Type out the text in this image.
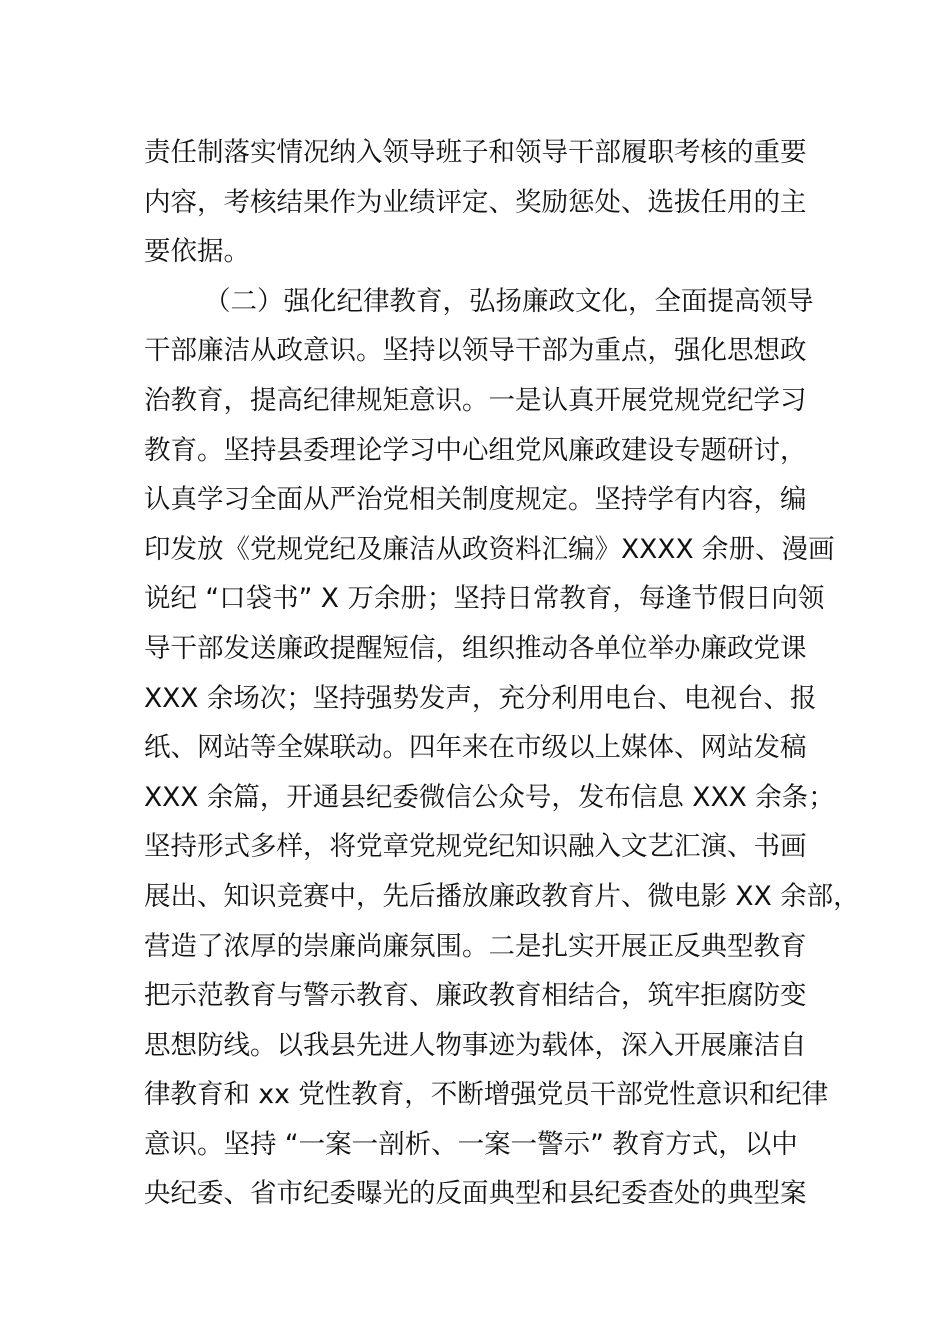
责任制落实情况纳入领导班子和领导干部履职考核的重要
内容，考核结果作为业绩评定、奖励惩处、选拔任用的主
要依据。
（二）强化纪律教育，弘扬廉政文化，全面提高领导
干部廉洁从政意识。坚持以领导干部为重点，强化思想政
治教育，提高纪律规矩意识。一是认真开展党规党纪学习
教育。坚持县委理论学习中心组党风廉政建设专题研讨，
认真学习全面从严治党相关制度规定。坚持学有内容，编
印发放《党规党纪及廉洁从政资料汇编》XXXX 余册、漫画
说纪 “口袋书” X 万余册；坚持日常教育，每逢节假日向领
导干部发送廉政提醒短信，组织推动各单位举办廉政党课
XXX 余场次；坚持强势发声，充分利用电台、电视台、报
纸、网站等全媒联动。四年来在市级以上媒体、网站发稿
XXX 余篇，开通县纪委微信公众号，发布信息 XXX 余条；
坚持形式多样，将党章党规党纪知识融入文艺汇演、书画
展出、知识竞赛中，先后播放廉政教育片、微电影 XX 余部，
营造了浓厚的崇廉尚廉氛围。二是扎实开展正反典型教育
把示范教育与警示教育、廉政教育相结合，筑牢拒腐防变
思想防线。以我县先进人物事迹为载体，深入开展廉洁自
律教育和 xx 党性教育，不断增强党员干部党性意识和纪律
意识。坚持 “一案一剖析、一案一警示” 教育方式，以中
央纪委、省市纪委曝光的反面典型和县纪委查处的典型案
